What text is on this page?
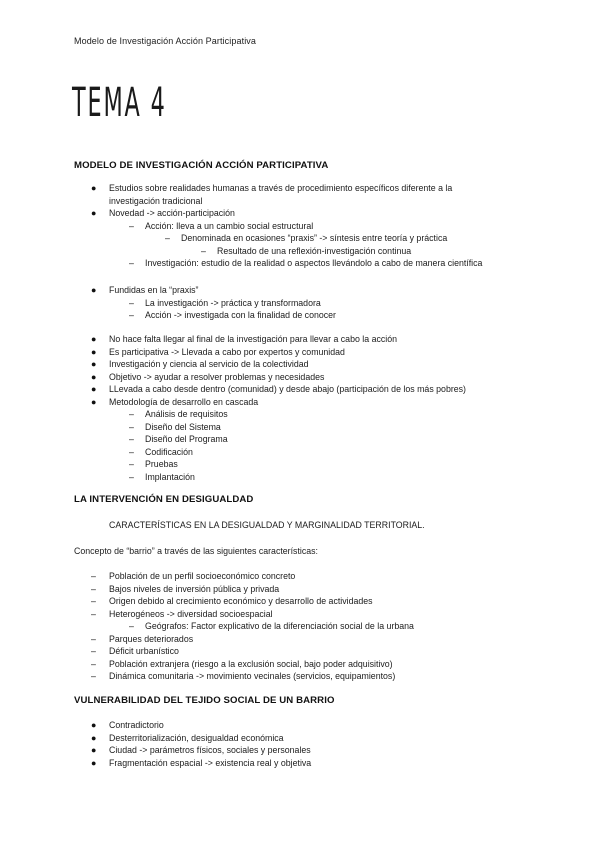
Modelo de Investigación Acción Participativa
TEMA 4
MODELO DE INVESTIGACIÓN ACCIÓN PARTICIPATIVA
● Estudios sobre realidades humanas a través de procedimiento específicos diferente a la
investigación tradicional
● Novedad -> acción-participación
– Acción: lleva a un cambio social estructural
– Denominada en ocasiones “praxis” -> síntesis entre teoría y práctica
– Resultado de una reflexión-investigación continua
– Investigación: estudio de la realidad o aspectos llevándolo a cabo de manera científica
● Fundidas en la “praxis”
– La investigación -> práctica y transformadora
– Acción -> investigada con la finalidad de conocer
● No hace falta llegar al final de la investigación para llevar a cabo la acción
● Es participativa -> Llevada a cabo por expertos y comunidad
● Investigación y ciencia al servicio de la colectividad
● Objetivo -> ayudar a resolver problemas y necesidades
● LLevada a cabo desde dentro (comunidad) y desde abajo (participación de los más pobres)
● Metodología de desarrollo en cascada
– Análisis de requisitos
– Diseño del Sistema
– Diseño del Programa
– Codificación
– Pruebas
– Implantación
LA INTERVENCIÓN EN DESIGUALDAD
CARACTERÍSTICAS EN LA DESIGUALDAD Y MARGINALIDAD TERRITORIAL.
Concepto de “barrio” a través de las siguientes características:
– Población de un perfil socioeconómico concreto
– Bajos niveles de inversión pública y privada
– Origen debido al crecimiento económico y desarrollo de actividades
– Heterogéneos -> diversidad socioespacial
– Geógrafos: Factor explicativo de la diferenciación social de la urbana
– Parques deteriorados
– Déficit urbanístico
– Población extranjera (riesgo a la exclusión social, bajo poder adquisitivo)
– Dinámica comunitaria -> movimiento vecinales (servicios, equipamientos)
VULNERABILIDAD DEL TEJIDO SOCIAL DE UN BARRIO
● Contradictorio
● Desterritorialización, desigualdad económica
● Ciudad -> parámetros físicos, sociales y personales
● Fragmentación espacial -> existencia real y objetiva
